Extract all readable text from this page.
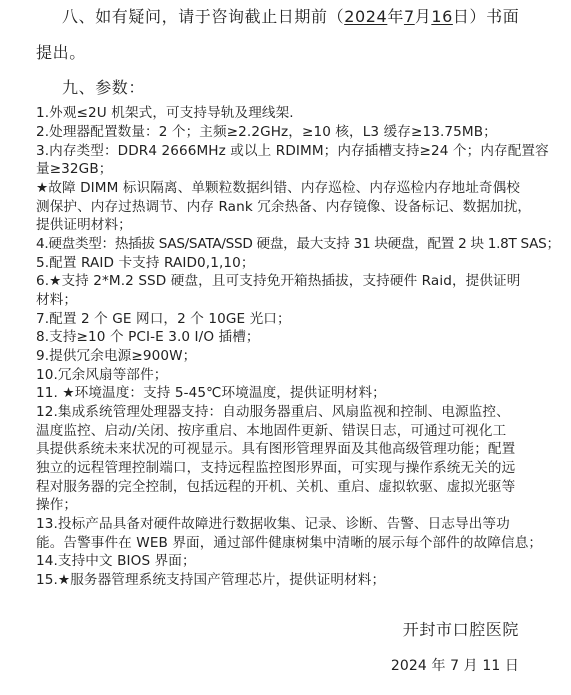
八、如有疑问，请于咨询截止日期前（2024年7月16日）书面
提出。
九、参数：
1.外观≤2U 机架式，可支持导轨及理线架.
2.处理器配置数量：2 个；主频≥2.2GHz，≥10 核，L3 缓存≥13.75MB；
3.内存类型：DDR4 2666MHz 或以上 RDIMM；内存插槽支持≥24 个；内存配置容
量≥32GB；
★故障 DIMM 标识隔离、单颗粒数据纠错、内存巡检、内存巡检内存地址奇偶校
测保护、内存过热调节、内存 Rank 冗余热备、内存镜像、设备标记、数据加扰，
提供证明材料；
4.硬盘类型：热插拔 SAS/SATA/SSD 硬盘，最大支持 31 块硬盘，配置 2 块 1.8T SAS；
5.配置 RAID 卡支持 RAID0,1,10；
6.★支持 2*M.2 SSD 硬盘，且可支持免开箱热插拔，支持硬件 Raid，提供证明
材料；
7.配置 2 个 GE 网口，2 个 10GE 光口；
8.支持≥10 个 PCI-E 3.0 I/O 插槽；
9.提供冗余电源≥900W；
10.冗余风扇等部件；
11. ★环境温度：支持 5-45℃环境温度，提供证明材料；
12.集成系统管理处理器支持：自动服务器重启、风扇监视和控制、电源监控、
温度监控、启动/关闭、按序重启、本地固件更新、错误日志，可通过可视化工
具提供系统未来状况的可视显示。具有图形管理界面及其他高级管理功能；配置
独立的远程管理控制端口，支持远程监控图形界面，可实现与操作系统无关的远
程对服务器的完全控制，包括远程的开机、关机、重启、虚拟软驱、虚拟光驱等
操作；
13.投标产品具备对硬件故障进行数据收集、记录、诊断、告警、日志导出等功
能。告警事件在 WEB 界面，通过部件健康树集中清晰的展示每个部件的故障信息；
14.支持中文 BIOS 界面；
15.★服务器管理系统支持国产管理芯片，提供证明材料；
开封市口腔医院
2024 年 7 月 11 日
